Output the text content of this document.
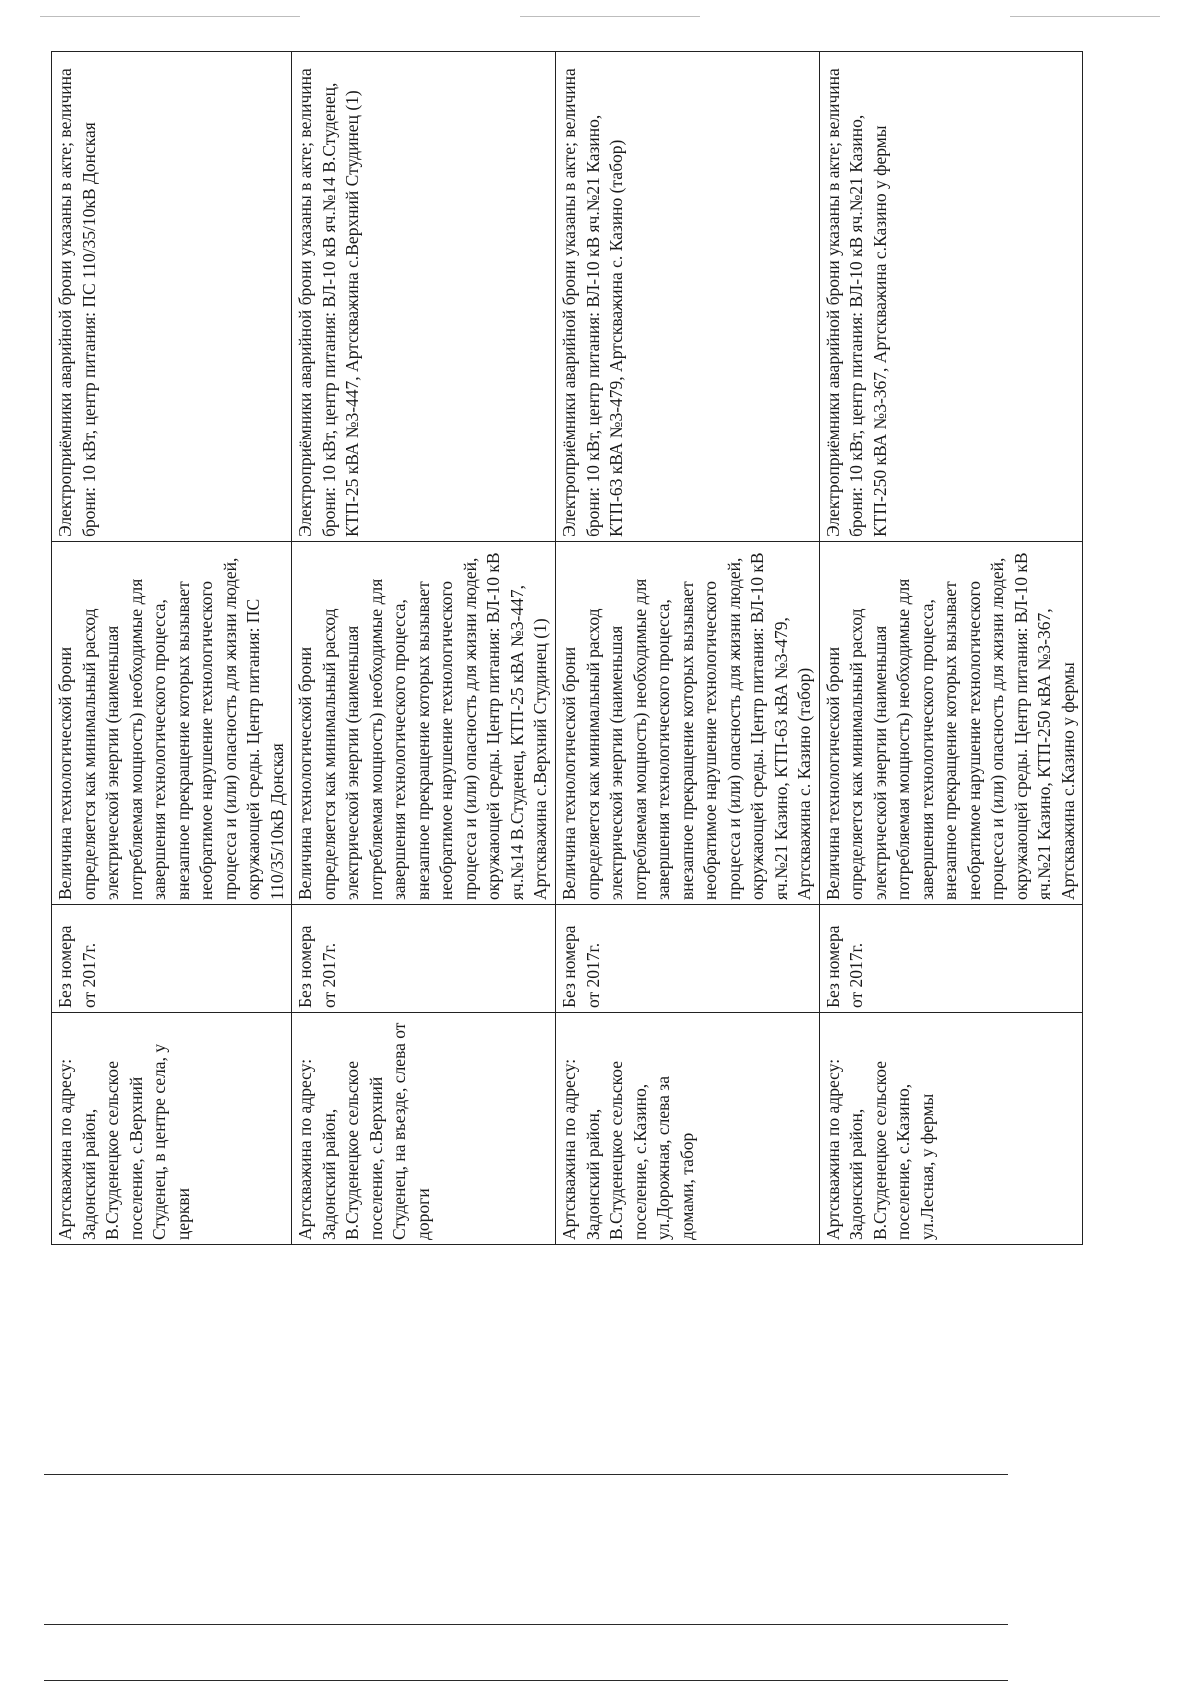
Артскважина по адресу: Задонский район, В.Студенецкое сельское поселение, с.Верхний Студенец, в центре села, у церкви	Без номера от 2017г.	Величина технологической брони определяется как минимальный расход электрической энергии (наименьшая потребляемая мощность) необходимые для завершения технологического процесса, внезапное прекращение которых вызывает необратимое нарушение технологического процесса и (или) опасность для жизни людей, окружающей среды. Центр питания: ПС 110/35/10кВ Донская	Электроприёмники аварийной брони указаны в акте; величина брони: 10 кВт, центр питания: ПС 110/35/10кВ Донская
Артскважина по адресу: Задонский район, В.Студенецкое сельское поселение, с.Верхний Студенец, на въезде, слева от дороги	Без номера от 2017г.	Величина технологической брони определяется как минимальный расход электрической энергии (наименьшая потребляемая мощность) необходимые для завершения технологического процесса, внезапное прекращение которых вызывает необратимое нарушение технологического процесса и (или) опасность для жизни людей, окружающей среды. Центр питания: ВЛ-10 кВ яч.№14 В.Студенец, КТП-25 кВА №3-447, Артскважина с.Верхний Студинец (1)	Электроприёмники аварийной брони указаны в акте; величина брони: 10 кВт, центр питания: ВЛ-10 кВ яч.№14 В.Студенец, КТП-25 кВА №3-447, Артскважина с.Верхний Студинец (1)
Артскважина по адресу: Задонский район, В.Студенецкое сельское поселение, с.Казино, ул.Дорожная, слева за домами, табор	Без номера от 2017г.	Величина технологической брони определяется как минимальный расход электрической энергии (наименьшая потребляемая мощность) необходимые для завершения технологического процесса, внезапное прекращение которых вызывает необратимое нарушение технологического процесса и (или) опасность для жизни людей, окружающей среды. Центр питания: ВЛ-10 кВ яч.№21 Казино, КТП-63 кВА №3-479, Артскважина с. Казино (табор)	Электроприёмники аварийной брони указаны в акте; величина брони: 10 кВт, центр питания: ВЛ-10 кВ яч.№21 Казино, КТП-63 кВА №3-479, Артскважина с. Казино (табор)
Артскважина по адресу: Задонский район, В.Студенецкое сельское поселение, с.Казино, ул.Лесная, у фермы	Без номера от 2017г.	Величина технологической брони определяется как минимальный расход электрической энергии (наименьшая потребляемая мощность) необходимые для завершения технологического процесса, внезапное прекращение которых вызывает необратимое нарушение технологического процесса и (или) опасность для жизни людей, окружающей среды. Центр питания: ВЛ-10 кВ яч.№21 Казино, КТП-250 кВА №3-367, Артскважина с.Казино у фермы	Электроприёмники аварийной брони указаны в акте; величина брони: 10 кВт, центр питания: ВЛ-10 кВ яч.№21 Казино, КТП-250 кВА №3-367, Артскважина с.Казино у фермы
